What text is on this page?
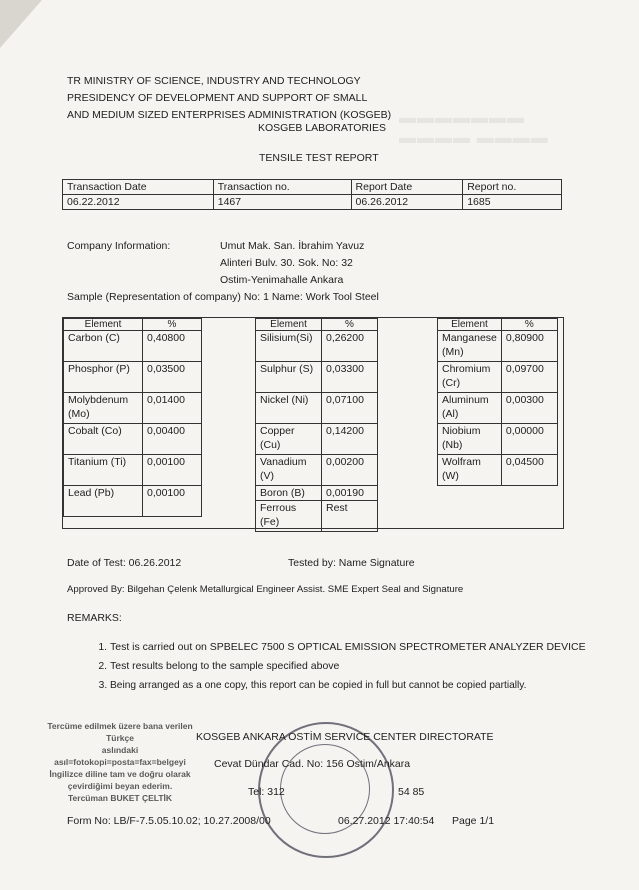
▬▬▬▬▬▬▬
▬▬▬▬ ▬▬▬▬
TR MINISTRY OF SCIENCE, INDUSTRY AND TECHNOLOGY
PRESIDENCY OF DEVELOPMENT AND SUPPORT OF SMALL
AND MEDIUM SIZED ENTERPRISES ADMINISTRATION (KOSGEB)
KOSGEB LABORATORIES
TENSILE TEST REPORT
Transaction Date	Transaction no.	Report Date	Report no.
06.22.2012	1467	06.26.2012	1685
Company Information:	Umut Mak. San. İbrahim Yavuz
Alinteri Bulv. 30. Sok. No: 32
Ostim-Yenimahalle Ankara
Sample (Representation of company) No: 1 Name: Work Tool Steel
Element	%
Carbon (C)	0,40800
Phosphor (P)	0,03500
Molybdenum (Mo)	0,01400
Cobalt (Co)	0,00400
Titanium (Ti)	0,00100
Lead (Pb)	0,00100
Element	%
Silisium(Si)	0,26200
Sulphur (S)	0,03300
Nickel (Ni)	0,07100
Copper (Cu)	0,14200
Vanadium (V)	0,00200
Boron (B)	0,00190
Ferrous (Fe)	Rest
Element	%
Manganese (Mn)	0,80900
Chromium (Cr)	0,09700
Aluminum (Al)	0,00300
Niobium (Nb)	0,00000
Wolfram (W)	0,04500
Date of Test: 06.26.2012	Tested by: Name Signature
Approved By: Bilgehan Çelenk Metallurgical Engineer Assist. SME Expert Seal and Signature
REMARKS:
1. Test is carried out on SPBELEC 7500 S OPTICAL EMISSION SPECTROMETER ANALYZER DEVICE
2. Test results belong to the sample specified above
3. Being arranged as a one copy, this report can be copied in full but cannot be copied partially.
Tercüme edilmek üzere bana verilen Türkçe
aslındaki asıl=fotokopi=posta=fax=belgeyi
İngilizce diline tam ve doğru olarak
çevirdiğimi beyan ederim.
Tercüman BUKET ÇELTİK
KOSGEB ANKARA OSTİM SERVICE CENTER DIRECTORATE
Cevat Dündar Cad. No: 156 Ostim/Ankara
Tel: 312	54 85
Form No: LB/F-7.5.05.10.02; 10.27.2008/00	06.27.2012 17:40:54 Page 1/1
